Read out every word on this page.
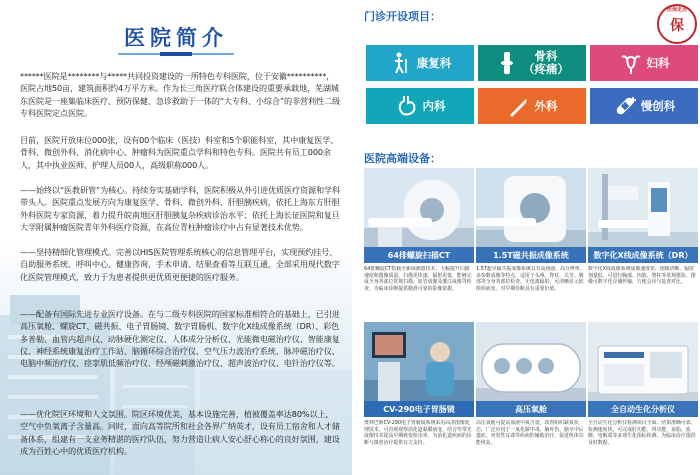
医院简介

******医院是********与*****共同投资建设的一所特色专科医院，位于安徽**********，医院占地50亩，建筑面积约4万平方米。作为长三角医疗联合体建设的重要承载地，芜湖城东医院是一座集临床医疗、预防保健、急诊救助于一体的“大专科、小综合”的非营利性二级专科医院定点医院。

目前，医院开放床位000张，设有00个临床（医技）科室和5个职能科室，其中康复医学、骨科、微创外科、消化病中心、肿瘤科为医院重点学科和特色专科。医院共有员工000余人，其中执业医师、护理人员00人，高级职称000人。

——始终以“医教研管”为核心。持续夯实基础学科，医院积极从外引进优质医疗资源和学科带头人。医院重点发展方向为康复医学、骨科、微创外科、肝胆胰疾病，依托上海东方肝胆外科医院专家资源，着力提升皖南地区肝胆胰复杂疾病诊治水平；依托上海长征医院和复旦大学附属肿瘤医院青年外科医疗资源，在高位青柱肿瘤诊疗中占有显著技术优势。

——坚持精细化管理模式。完善以HIS医院管理系统核心的信息管理平台，实现预约挂号、自助服务系统、呼叫中心、健康咨询、手术申请、结果查看等互联互通，全部采用现代数字化医院管理模式，致力于为患者提供更优质更便捷的医疗服务。

——配备有国际先进专业医疗设备。在与二级专科医院的国家标准相符合的基础上，已引进高压氧舱、螺旋CT、磁共振、电子胃肠镜、数字胃肠机、数字化X线成像系统（DR）、彩色多普勒、血管内超声仪、动脉硬化测定仪、人体成分分析仪、光能微电磁治疗仪、智能康复仪、神经系统康复治疗工作站、脑循环综合治疗仪、空气压力波治疗系统、脉冲磁治疗仪、电脑中频治疗仪、痉挛肌低频治疗仪、经颅磁刺激治疗仪、超声波治疗仪、电针治疗仪等。

——优化院区环境和人文氛围。院区环境优美，基本设施完善，植被覆盖率达80%以上，空气中负氧离子含量高。同时，面向高等院所和社会各界广纳英才，设有员工宿舍和人才储备体系，组建有一支业务精湛的医疗队伍，努力营造让病人安心舒心称心的良好氛围，建设成为百姓心中的优质医疗机构。

门诊开设项目：	医保定点
保
康复科	骨科
（疼痛）	妇科
内科	外科	慢创科
医院高端设备：
64排螺旋扫描CT	1.5T磁共振成像系统	数字化X线成像系统（DR）

64排螺旋CT搭载全新探测器技术，大幅提升扫描速度和图像质量，扫描更快速、辐射更低，能够完成全身各部位常规扫描、血管成像及灌注成像等检查，为临床诊断提供精准可靠的影像依据。

1.5T超导磁共振成像系统具有高场强、高分辨率、多参数成像等特点，适用于头颅、脊柱、关节、腹部等全身各部位检查，无电离辐射，可清晰显示软组织病变，对早期诊断具有重要价值。

数字化X线成像系统成像速度快、图像清晰、辐射剂量低，可进行胸部、四肢、脊柱等常规摄影，图像可数字化存储传输，方便会诊与复查对比。

CV-290电子胃肠镜	高压氧舱	全自动生化分析仪

奥林巴斯CV-290电子胃肠镜系统采用高清图像处理技术，可直观观察消化道黏膜病变，结合窄带光成像技术提高早期癌变检出率，为消化道疾病的诊断与微创治疗提供有力支持。

高压氧舱可提高血液中氧含量，改善组织缺氧状态，广泛应用于一氧化碳中毒、脑外伤、脑卒中后遗症、突发性耳聋等疾病的辅助治疗，促进机体功能恢复。

全自动生化分析仪检测项目全面、结果准确可靠、检测速度快，可完成肝功能、肾功能、血脂、血糖、电解质等多项生化指标检测，为临床诊疗提供及时数据。
